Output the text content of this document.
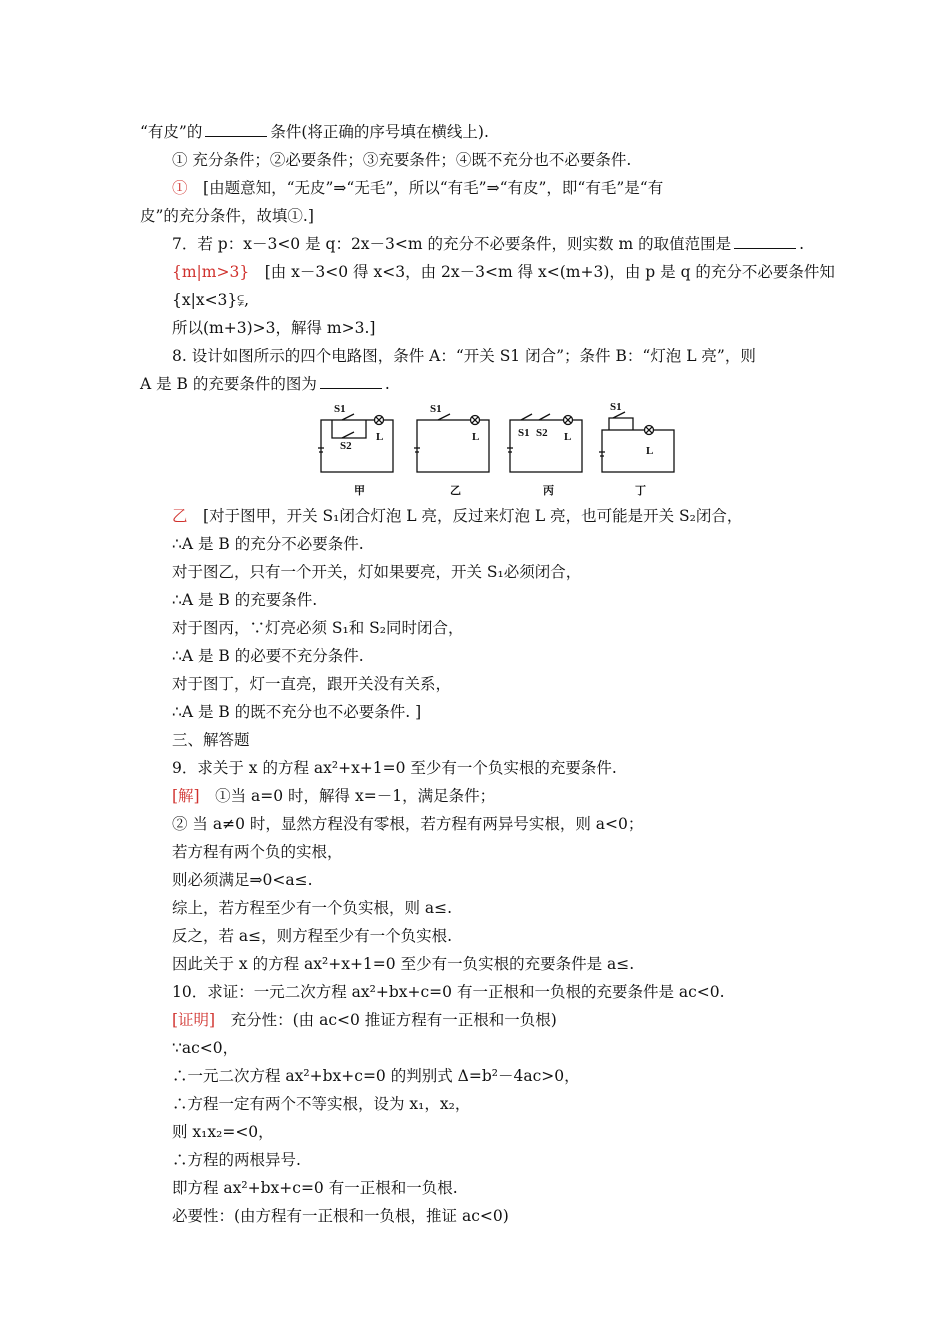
“有皮”的	条件(将正确的序号填在横线上).
① 充分条件；②必要条件；③充要条件；④既不充分也不必要条件.
①　[由题意知，“无皮”⇒“无毛”，所以“有毛”⇒“有皮”，即“有毛”是“有
皮”的充分条件，故填①.]
7．若 p：x－3<0 是 q：2x－3<m 的充分不必要条件，则实数 m 的取值范围是	.
{m|m>3}　[由 x－3<0 得 x<3，由 2x－3<m 得 x<(m+3)，由 p 是 q 的充分不必要条件知
{x|x<3}⫋,
所以(m+3)>3，解得 m>3.]
8. 设计如图所示的四个电路图，条件 A：“开关 S1 闭合”；条件 B：“灯泡 L 亮”，则
A 是 B 的充要条件的图为	.
S1
S2
L
甲
S1
L
乙
S1 S2 L
丙
S1
L
丁
乙　[对于图甲，开关 S₁闭合灯泡 L 亮，反过来灯泡 L 亮，也可能是开关 S₂闭合，
∴A 是 B 的充分不必要条件.
对于图乙，只有一个开关，灯如果要亮，开关 S₁必须闭合，
∴A 是 B 的充要条件.
对于图丙，∵灯亮必须 S₁和 S₂同时闭合，
∴A 是 B 的必要不充分条件.
对于图丁，灯一直亮，跟开关没有关系，
∴A 是 B 的既不充分也不必要条件. ]
三、解答题
9．求关于 x 的方程 ax²+x+1=0 至少有一个负实根的充要条件.
[解]　①当 a=0 时，解得 x=－1，满足条件；
② 当 a≠0 时，显然方程没有零根，若方程有两异号实根，则 a<0；
若方程有两个负的实根，
则必须满足⇒0<a≤.
综上，若方程至少有一个负实根，则 a≤.
反之，若 a≤，则方程至少有一个负实根.
因此关于 x 的方程 ax²+x+1=0 至少有一负实根的充要条件是 a≤.
10．求证：一元二次方程 ax²+bx+c=0 有一正根和一负根的充要条件是 ac<0.
[证明]　充分性：(由 ac<0 推证方程有一正根和一负根)
∵ac<0，
∴一元二次方程 ax²+bx+c=0 的判别式 Δ=b²－4ac>0，
∴方程一定有两个不等实根，设为 x₁，x₂，
则 x₁x₂=<0，
∴方程的两根异号.
即方程 ax²+bx+c=0 有一正根和一负根.
必要性：(由方程有一正根和一负根，推证 ac<0)
